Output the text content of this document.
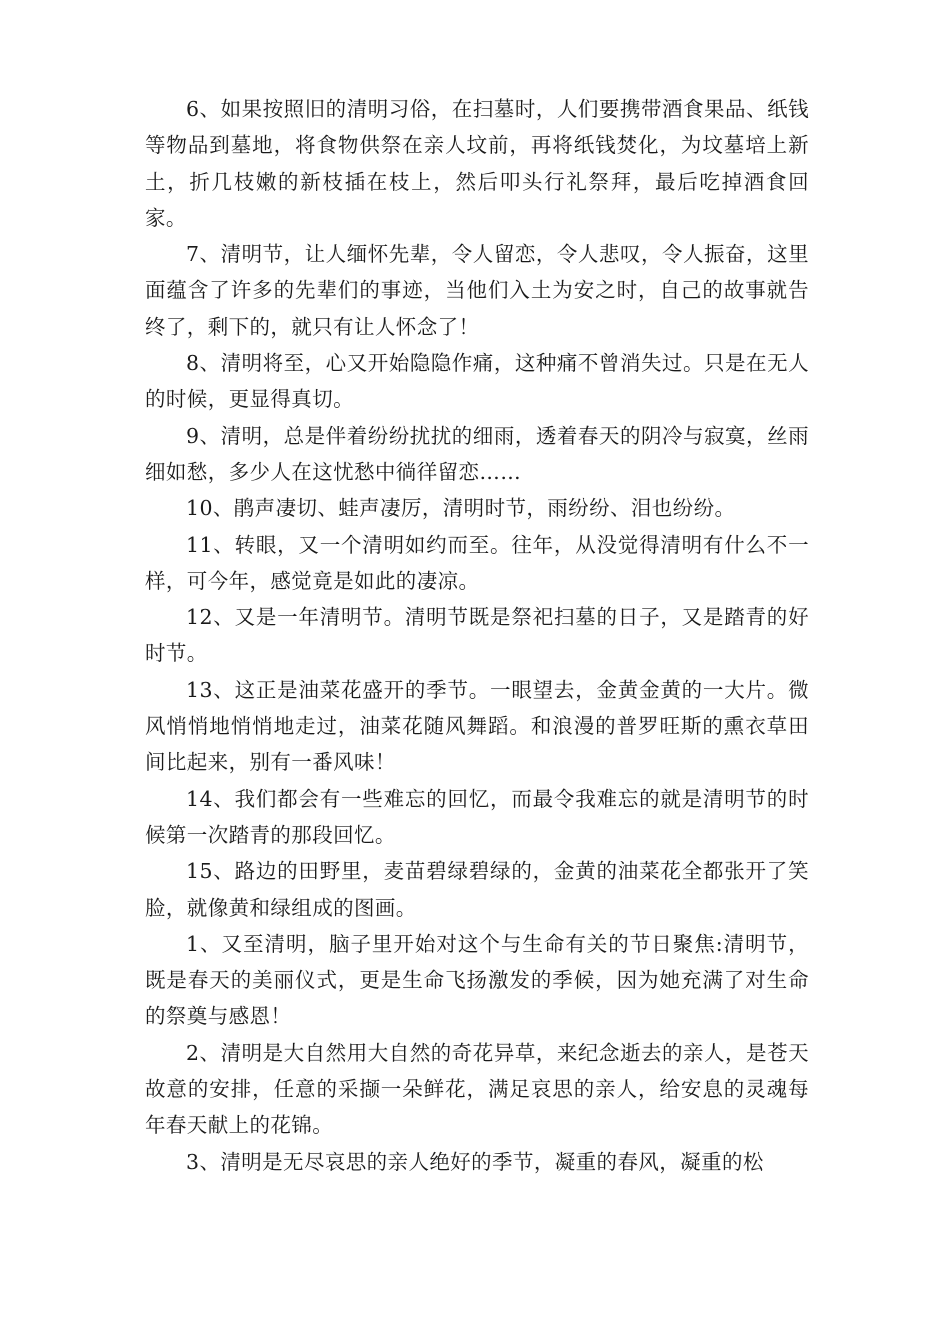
6、如果按照旧的清明习俗，在扫墓时，人们要携带酒食果品、纸钱等物品到墓地，将食物供祭在亲人坟前，再将纸钱焚化，为坟墓培上新土，折几枝嫩的新枝插在枝上，然后叩头行礼祭拜，最后吃掉酒食回家。

7、清明节，让人缅怀先辈，令人留恋，令人悲叹，令人振奋，这里面蕴含了许多的先辈们的事迹，当他们入土为安之时，自己的故事就告终了，剩下的，就只有让人怀念了！

8、清明将至，心又开始隐隐作痛，这种痛不曾消失过。只是在无人的时候，更显得真切。

9、清明，总是伴着纷纷扰扰的细雨，透着春天的阴冷与寂寞，丝雨细如愁，多少人在这忧愁中徜徉留恋……

10、鹃声凄切、蛙声凄厉，清明时节，雨纷纷、泪也纷纷。

11、转眼，又一个清明如约而至。往年，从没觉得清明有什么不一样，可今年，感觉竟是如此的凄凉。

12、又是一年清明节。清明节既是祭祀扫墓的日子，又是踏青的好时节。

13、这正是油菜花盛开的季节。一眼望去，金黄金黄的一大片。微风悄悄地悄悄地走过，油菜花随风舞蹈。和浪漫的普罗旺斯的熏衣草田间比起来，别有一番风味！

14、我们都会有一些难忘的回忆，而最令我难忘的就是清明节的时候第一次踏青的那段回忆。

15、路边的田野里，麦苗碧绿碧绿的，金黄的油菜花全都张开了笑脸，就像黄和绿组成的图画。

1、又至清明，脑子里开始对这个与生命有关的节日聚焦:清明节，既是春天的美丽仪式，更是生命飞扬激发的季候，因为她充满了对生命的祭奠与感恩！

2、清明是大自然用大自然的奇花异草，来纪念逝去的亲人，是苍天故意的安排，任意的采撷一朵鲜花，满足哀思的亲人，给安息的灵魂每年春天献上的花锦。

3、清明是无尽哀思的亲人绝好的季节，凝重的春风，凝重的松
